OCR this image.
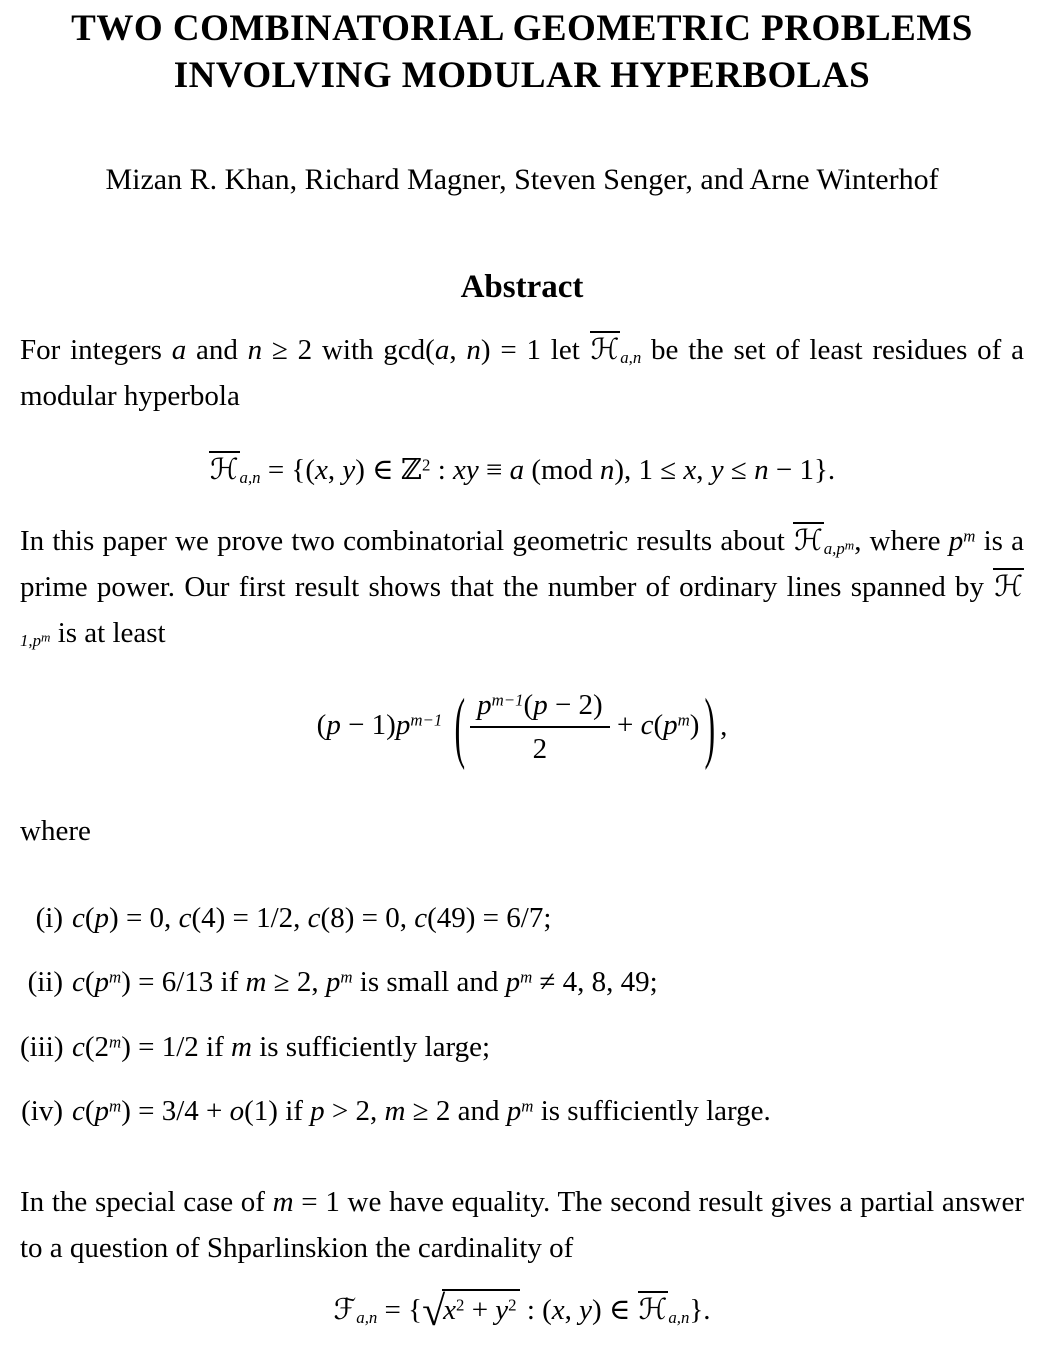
TWO COMBINATORIAL GEOMETRIC PROBLEMS
INVOLVING MODULAR HYPERBOLAS

Mizan R. Khan, Richard Magner, Steven Senger, and Arne Winterhof

Abstract

For integers a and n ≥ 2 with gcd(a, n) = 1 let ℋa,n be the set of least residues of a modular hyperbola

ℋa,n = {(x, y) ∈ ℤ$^2$ : xy ≡ a (mod n), 1 ≤ x, y ≤ n − 1}.

In this paper we prove two combinatorial geometric results about ℋa,pm, where $p^m$ is a prime power. Our first result shows that the number of ordinary lines spanned by ℋ1,pm is at least

$(p - 1)p^{m-1}$ ( $\frac{p^{m-1}(p - 2)}{2} + c(p^m)$ ) ,

where

(i) c(p) = 0, c(4) = 1/2, c(8) = 0, c(49) = 6/7;
(ii) $c(p^m) = 6/13$ if m ≥ 2, $p^m$ is small and $p^m \ne 4$, 8, 49;
(iii) $c(2^m) = 1/2$ if m is sufficiently large;
(iv) $c(p^m) = 3/4 + o(1)$ if p > 2, m ≥ 2 and $p^m$ is sufficiently large.

In the special case of m = 1 we have equality. The second result gives a partial answer to a question of Shparlinskion the cardinality of

ℱa,n = {$√x^2 + y^2$ : (x, y) ∈ ℋa,n}.
